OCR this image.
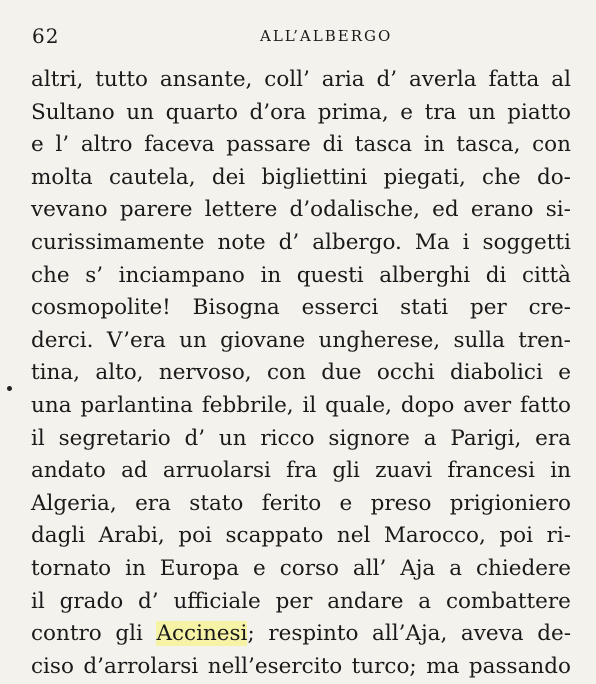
62	ALL’ALBERGO
altri, tutto ansante, coll’ aria d’ averla fatta al
Sultano un quarto d’ora prima, e tra un piatto
e l’ altro faceva passare di tasca in tasca, con
molta cautela, dei bigliettini piegati, che do-
vevano parere lettere d’odalische, ed erano si-
curissimamente note d’ albergo. Ma i soggetti
che s’ inciampano in questi alberghi di città
cosmopolite! Bisogna esserci stati per cre-
derci. V’era un giovane ungherese, sulla tren-
tina, alto, nervoso, con due occhi diabolici e
una parlantina febbrile, il quale, dopo aver fatto
il segretario d’ un ricco signore a Parigi, era
andato ad arruolarsi fra gli zuavi francesi in
Algeria, era stato ferito e preso prigioniero
dagli Arabi, poi scappato nel Marocco, poi ri-
tornato in Europa e corso all’ Aja a chiedere
il grado d’ ufficiale per andare a combattere
contro gli Accinesi; respinto all’Aja, aveva de-
ciso d’arrolarsi nell’esercito turco; ma passando
